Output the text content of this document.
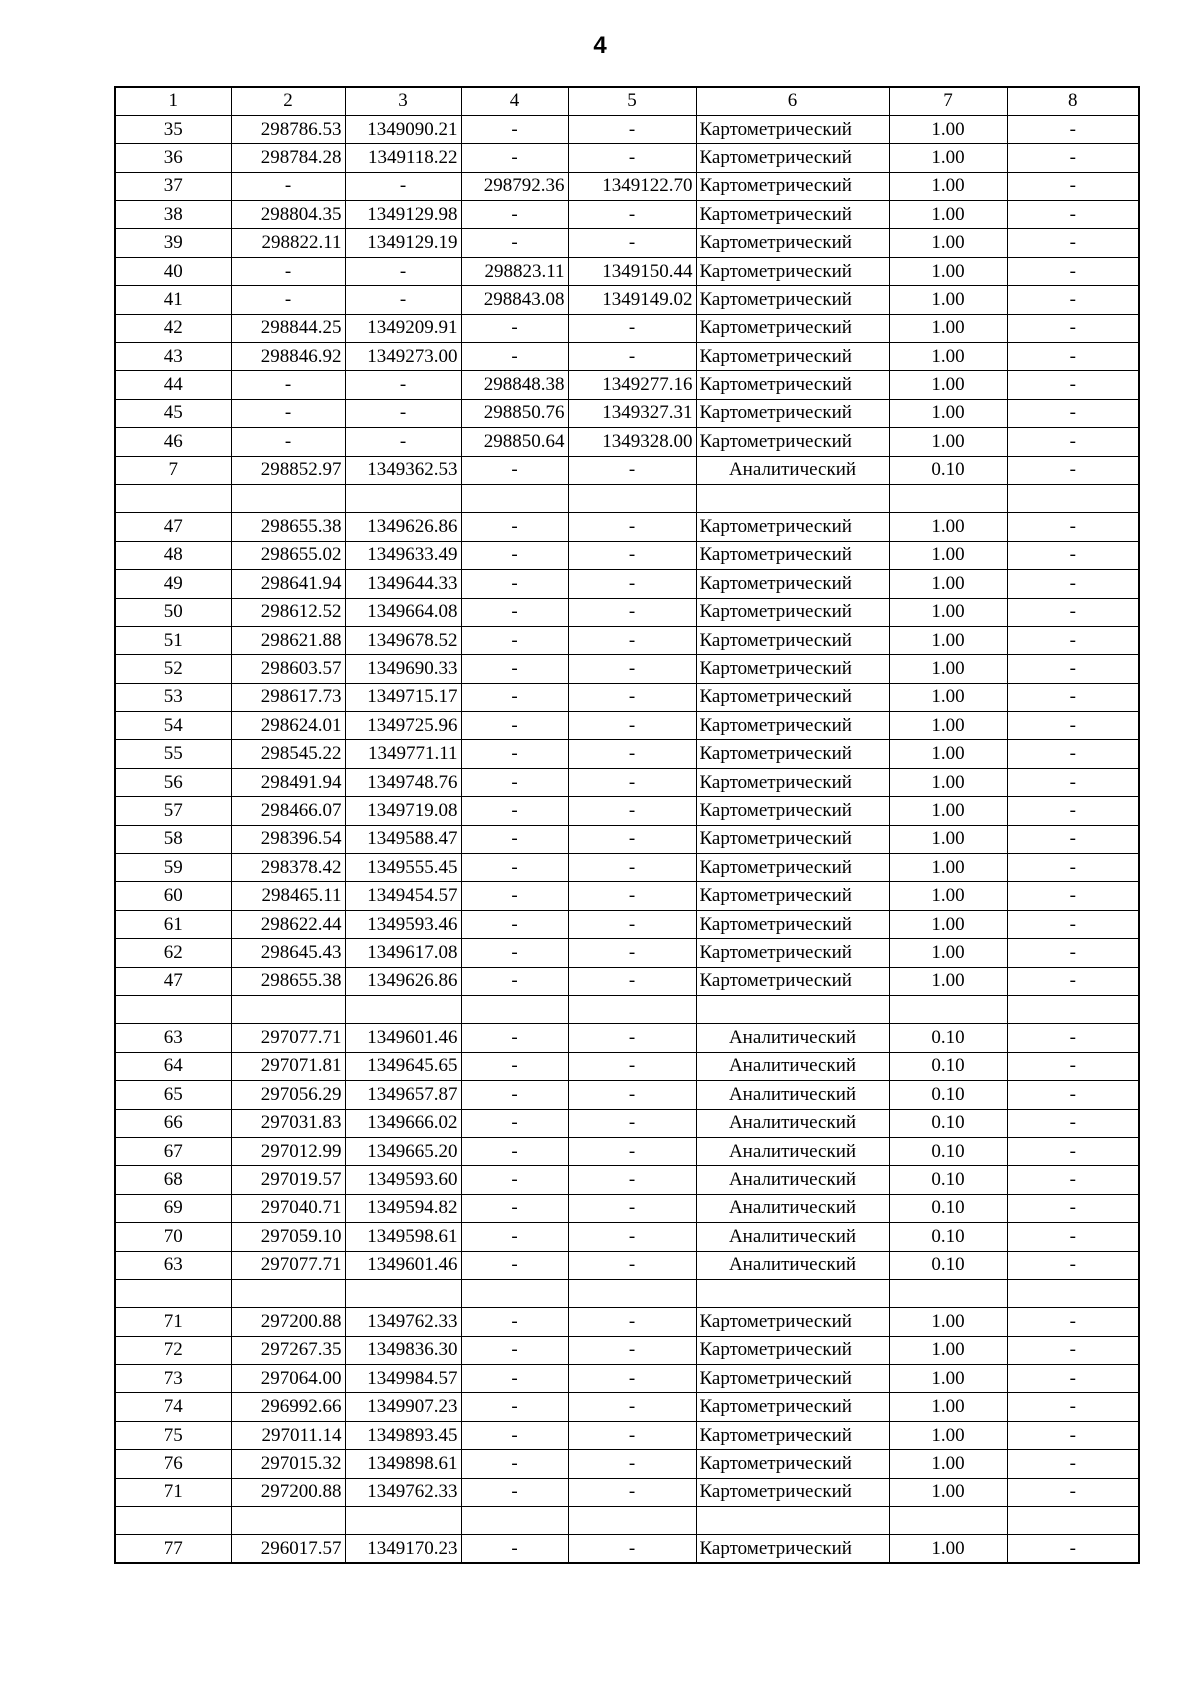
4
1	2	3	4	5	6	7	8
35	298786.53	1349090.21	-	-	Картометрический	1.00	-
36	298784.28	1349118.22	-	-	Картометрический	1.00	-
37	-	-	298792.36	1349122.70	Картометрический	1.00	-
38	298804.35	1349129.98	-	-	Картометрический	1.00	-
39	298822.11	1349129.19	-	-	Картометрический	1.00	-
40	-	-	298823.11	1349150.44	Картометрический	1.00	-
41	-	-	298843.08	1349149.02	Картометрический	1.00	-
42	298844.25	1349209.91	-	-	Картометрический	1.00	-
43	298846.92	1349273.00	-	-	Картометрический	1.00	-
44	-	-	298848.38	1349277.16	Картометрический	1.00	-
45	-	-	298850.76	1349327.31	Картометрический	1.00	-
46	-	-	298850.64	1349328.00	Картометрический	1.00	-
7	298852.97	1349362.53	-	-	Аналитический	0.10	-

47	298655.38	1349626.86	-	-	Картометрический	1.00	-
48	298655.02	1349633.49	-	-	Картометрический	1.00	-
49	298641.94	1349644.33	-	-	Картометрический	1.00	-
50	298612.52	1349664.08	-	-	Картометрический	1.00	-
51	298621.88	1349678.52	-	-	Картометрический	1.00	-
52	298603.57	1349690.33	-	-	Картометрический	1.00	-
53	298617.73	1349715.17	-	-	Картометрический	1.00	-
54	298624.01	1349725.96	-	-	Картометрический	1.00	-
55	298545.22	1349771.11	-	-	Картометрический	1.00	-
56	298491.94	1349748.76	-	-	Картометрический	1.00	-
57	298466.07	1349719.08	-	-	Картометрический	1.00	-
58	298396.54	1349588.47	-	-	Картометрический	1.00	-
59	298378.42	1349555.45	-	-	Картометрический	1.00	-
60	298465.11	1349454.57	-	-	Картометрический	1.00	-
61	298622.44	1349593.46	-	-	Картометрический	1.00	-
62	298645.43	1349617.08	-	-	Картометрический	1.00	-
47	298655.38	1349626.86	-	-	Картометрический	1.00	-

63	297077.71	1349601.46	-	-	Аналитический	0.10	-
64	297071.81	1349645.65	-	-	Аналитический	0.10	-
65	297056.29	1349657.87	-	-	Аналитический	0.10	-
66	297031.83	1349666.02	-	-	Аналитический	0.10	-
67	297012.99	1349665.20	-	-	Аналитический	0.10	-
68	297019.57	1349593.60	-	-	Аналитический	0.10	-
69	297040.71	1349594.82	-	-	Аналитический	0.10	-
70	297059.10	1349598.61	-	-	Аналитический	0.10	-
63	297077.71	1349601.46	-	-	Аналитический	0.10	-

71	297200.88	1349762.33	-	-	Картометрический	1.00	-
72	297267.35	1349836.30	-	-	Картометрический	1.00	-
73	297064.00	1349984.57	-	-	Картометрический	1.00	-
74	296992.66	1349907.23	-	-	Картометрический	1.00	-
75	297011.14	1349893.45	-	-	Картометрический	1.00	-
76	297015.32	1349898.61	-	-	Картометрический	1.00	-
71	297200.88	1349762.33	-	-	Картометрический	1.00	-

77	296017.57	1349170.23	-	-	Картометрический	1.00	-
